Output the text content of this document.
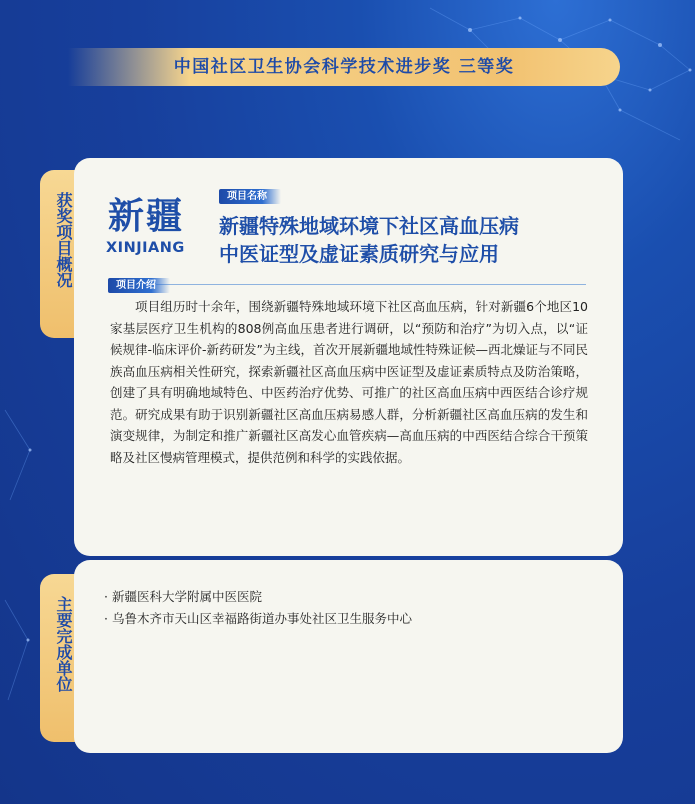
中国社区卫生协会科学技术进步奖 三等奖
获奖项目概况
主要完成单位
新疆
XINJIANG
项目名称
新疆特殊地域环境下社区高血压病
中医证型及虚证素质研究与应用
项目介绍

项目组历时十余年，围绕新疆特殊地域环境下社区高血压病，针对新疆6个地区10家基层医疗卫生机构的808例高血压患者进行调研，以“预防和治疗”为切入点，以“证候规律-临床评价-新药研发”为主线，首次开展新疆地域性特殊证候—西北燥证与不同民族高血压病相关性研究，探索新疆社区高血压病中医证型及虚证素质特点及防治策略，创建了具有明确地域特色、中医药治疗优势、可推广的社区高血压病中西医结合诊疗规范。研究成果有助于识别新疆社区高血压病易感人群，分析新疆社区高血压病的发生和演变规律，为制定和推广新疆社区高发心血管疾病—高血压病的中西医结合综合干预策略及社区慢病管理模式，提供范例和科学的实践依据。

· 新疆医科大学附属中医医院
· 乌鲁木齐市天山区幸福路街道办事处社区卫生服务中心
